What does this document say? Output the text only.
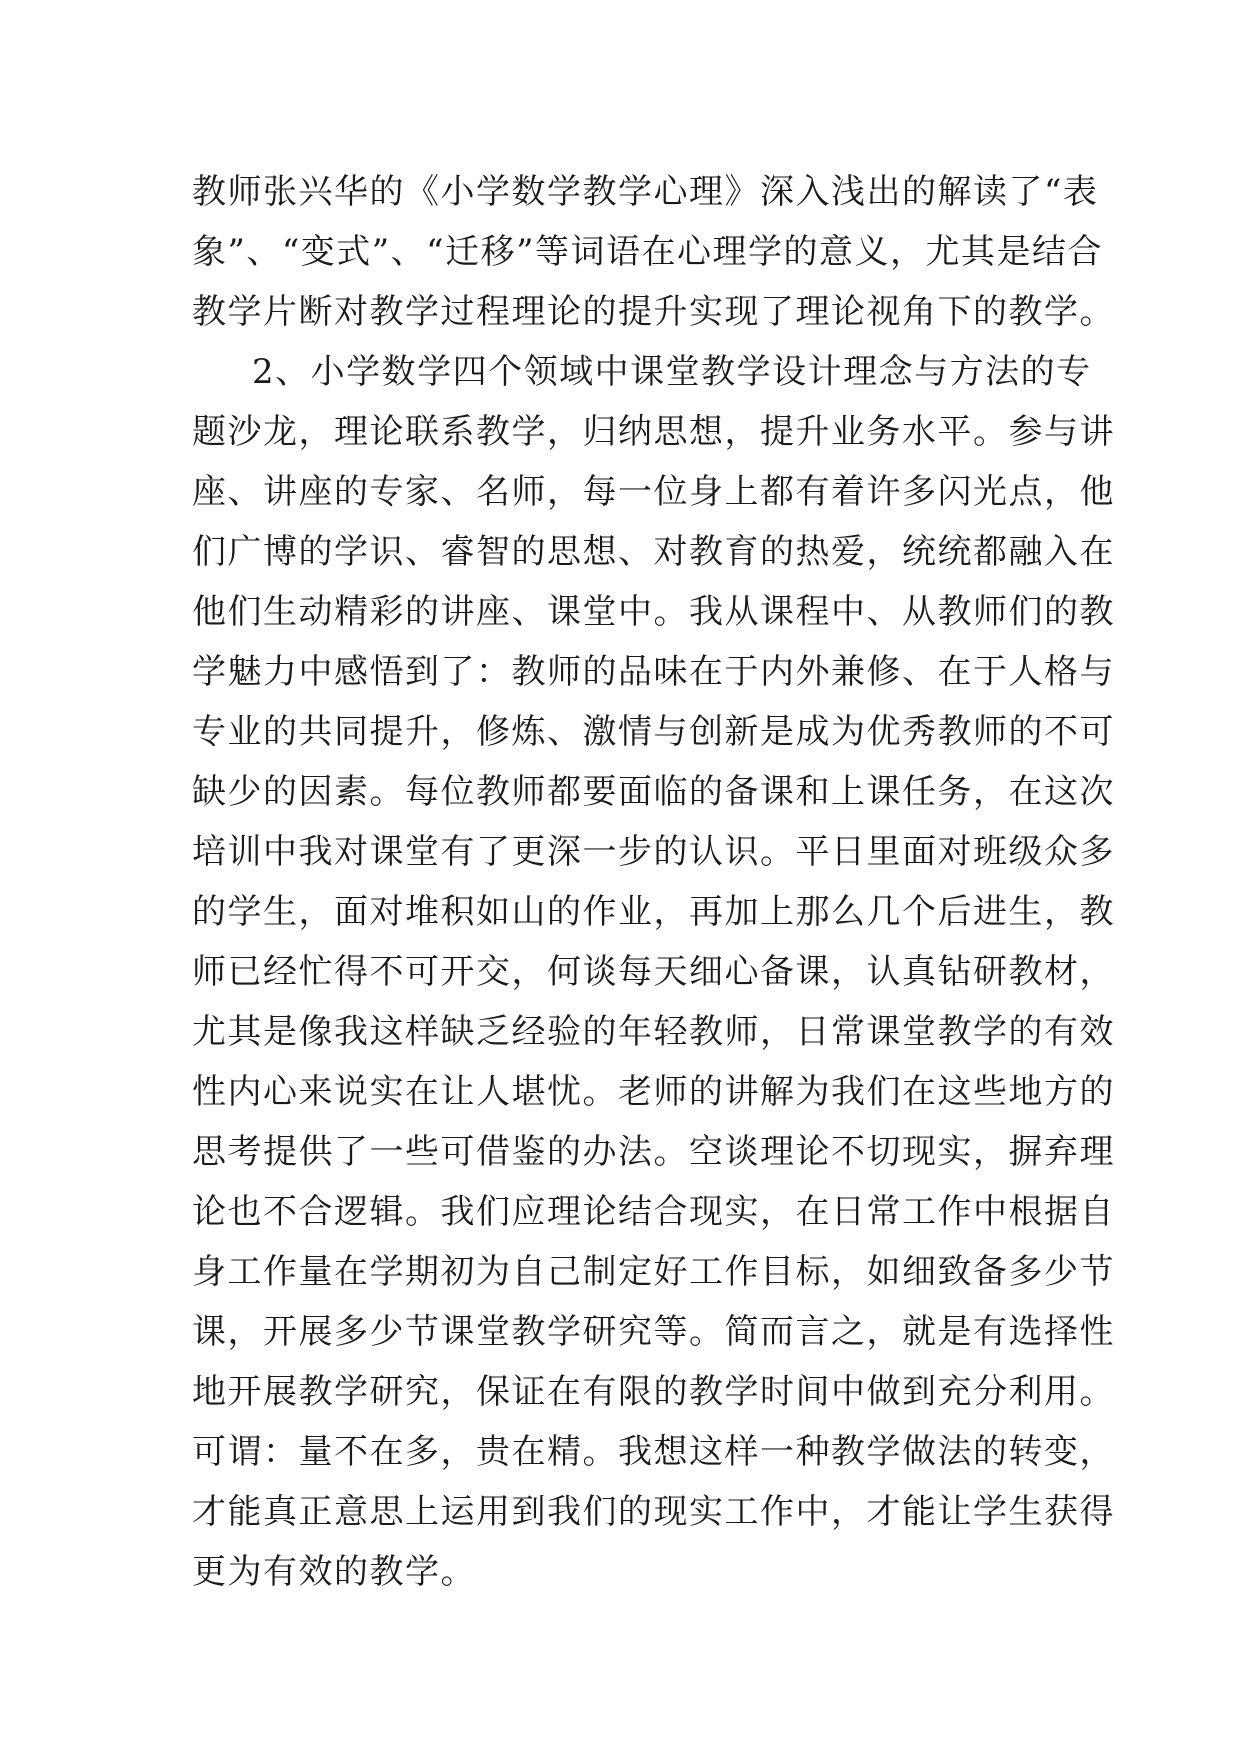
教 师 张 兴 华 的 《 小 学 数 学 教 学 心 理 》 深 入 浅 出 的 解 读 了 “ 表
象 ” 、 “ 变 式 ” 、 “ 迁 移 ” 等 词 语 在 心 理 学 的 意 义 ， 尤 其 是 结 合
教 学 片 断 对 教 学 过 程 理 论 的 提 升 实 现 了 理 论 视 角 下 的 教 学 。
2 、 小 学 数 学 四 个 领 域 中 课 堂 教 学 设 计 理 念 与 方 法 的 专
题 沙 龙 ， 理 论 联 系 教 学 ， 归 纳 思 想 ， 提 升 业 务 水 平 。 参 与 讲
座 、 讲 座 的 专 家 、 名 师 ， 每 一 位 身 上 都 有 着 许 多 闪 光 点 ， 他
们 广 博 的 学 识 、 睿 智 的 思 想 、 对 教 育 的 热 爱 ， 统 统 都 融 入 在
他 们 生 动 精 彩 的 讲 座 、 课 堂 中 。 我 从 课 程 中 、 从 教 师 们 的 教
学 魅 力 中 感 悟 到 了 ： 教 师 的 品 味 在 于 内 外 兼 修 、 在 于 人 格 与
专 业 的 共 同 提 升 ， 修 炼 、 激 情 与 创 新 是 成 为 优 秀 教 师 的 不 可
缺 少 的 因 素 。 每 位 教 师 都 要 面 临 的 备 课 和 上 课 任 务 ， 在 这 次
培 训 中 我 对 课 堂 有 了 更 深 一 步 的 认 识 。 平 日 里 面 对 班 级 众 多
的 学 生 ， 面 对 堆 积 如 山 的 作 业 ， 再 加 上 那 么 几 个 后 进 生 ， 教
师 已 经 忙 得 不 可 开 交 ， 何 谈 每 天 细 心 备 课 ， 认 真 钻 研 教 材 ，
尤 其 是 像 我 这 样 缺 乏 经 验 的 年 轻 教 师 ， 日 常 课 堂 教 学 的 有 效
性 内 心 来 说 实 在 让 人 堪 忧 。 老 师 的 讲 解 为 我 们 在 这 些 地 方 的
思 考 提 供 了 一 些 可 借 鉴 的 办 法 。 空 谈 理 论 不 切 现 实 ， 摒 弃 理
论 也 不 合 逻 辑 。 我 们 应 理 论 结 合 现 实 ， 在 日 常 工 作 中 根 据 自
身 工 作 量 在 学 期 初 为 自 己 制 定 好 工 作 目 标 ， 如 细 致 备 多 少 节
课 ， 开 展 多 少 节 课 堂 教 学 研 究 等 。 简 而 言 之 ， 就 是 有 选 择 性
地 开 展 教 学 研 究 ， 保 证 在 有 限 的 教 学 时 间 中 做 到 充 分 利 用 。
可 谓 ： 量 不 在 多 ， 贵 在 精 。 我 想 这 样 一 种 教 学 做 法 的 转 变 ，
才 能 真 正 意 思 上 运 用 到 我 们 的 现 实 工 作 中 ， 才 能 让 学 生 获 得
更为有效的教学。
